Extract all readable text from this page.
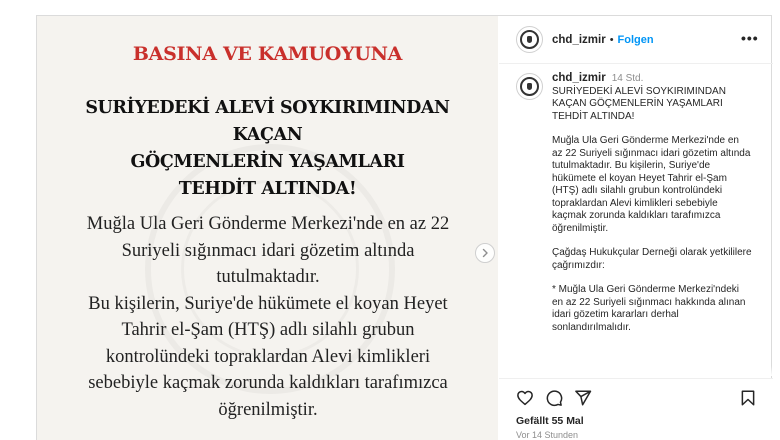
BASINA VE KAMUOYUNA
SURİYEDEKİ ALEVİ SOYKIRIMINDAN KAÇAN
GÖÇMENLERİN YAŞAMLARI
TEHDİT ALTINDA!
Muğla Ula Geri Gönderme Merkezi'nde en az 22
Suriyeli sığınmacı idari gözetim altında
tutulmaktadır.
Bu kişilerin, Suriye'de hükümete el koyan Heyet
Tahrir el-Şam (HTŞ) adlı silahlı grubun
kontrolündeki topraklardan Alevi kimlikleri
sebebiyle kaçmak zorunda kaldıkları tarafımızca
öğrenilmiştir.
chd_izmir • Folgen	•••
chd_izmir 14 Std.

SURİYEDEKİ ALEVİ SOYKIRIMINDAN KAÇAN GÖÇMENLERİN YAŞAMLARI TEHDİT ALTINDA!

Muğla Ula Geri Gönderme Merkezi'nde en az 22 Suriyeli sığınmacı idari gözetim altında tutulmaktadır. Bu kişilerin, Suriye'de hükümete el koyan Heyet Tahrir el-Şam (HTŞ) adlı silahlı grubun kontrolündeki topraklardan Alevi kimlikleri sebebiyle kaçmak zorunda kaldıkları tarafımızca öğrenilmiştir.

Çağdaş Hukukçular Derneği olarak yetkililere çağrımızdır:

* Muğla Ula Geri Gönderme Merkezi'ndeki en az 22 Suriyeli sığınmacı hakkında alınan idari gözetim kararları derhal sonlandırılmalıdır.

Gefällt 55 Mal
Vor 14 Stunden
